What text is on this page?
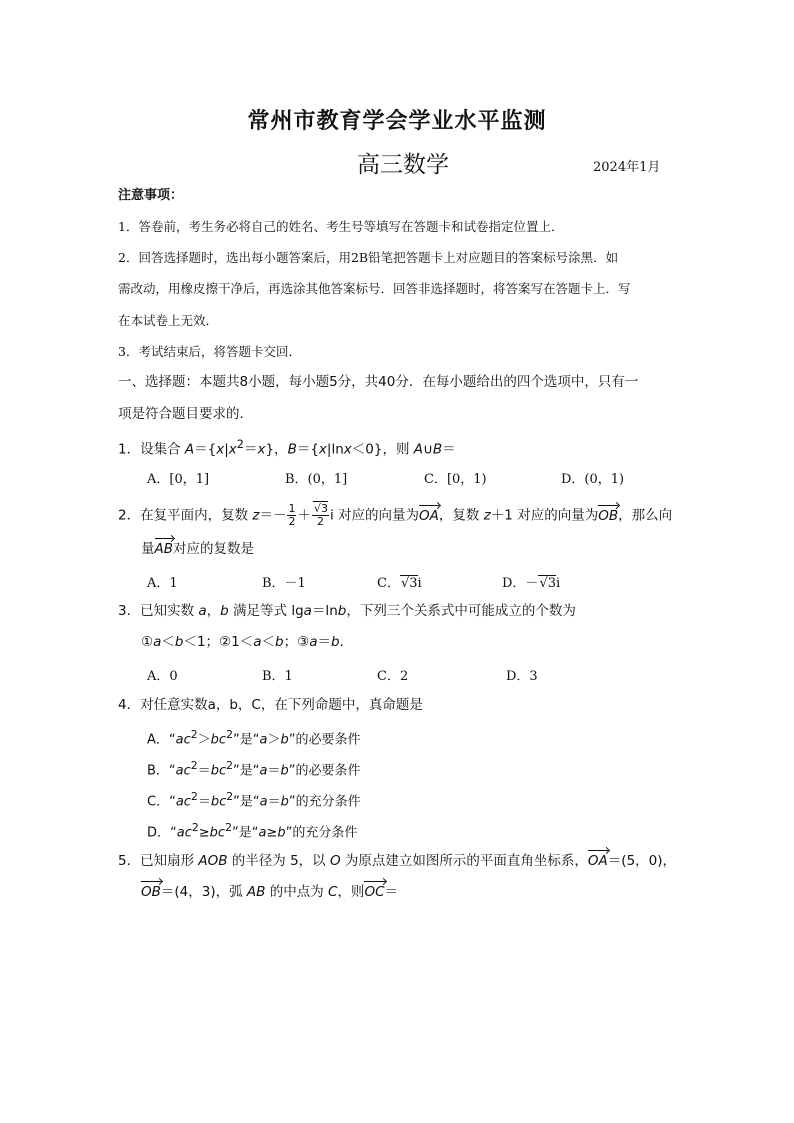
常州市教育学会学业水平监测
高三数学	2024年1月
注意事项：
1．答卷前，考生务必将自己的姓名、考生号等填写在答题卡和试卷指定位置上．
2．回答选择题时，选出每小题答案后，用2B铅笔把答题卡上对应题目的答案标号涂黑．如
需改动，用橡皮擦干净后，再选涂其他答案标号．回答非选择题时，将答案写在答题卡上．写
在本试卷上无效．
3．考试结束后，将答题卡交回．
一、选择题：本题共8小题，每小题5分，共40分．在每小题给出的四个选项中，只有一
项是符合题目要求的．
1．设集合 $A=\{x|x^2=x\}$，B＝{x|lnx＜0}，则 A∪B＝
A．[0，1]	B．(0，1]	C．[0，1)	D．(0，1)
2．在复平面内，复数 $z=- \frac{1}{2} + \frac{√3}{2}$ i 对应的向量为OA，复数 z＋1 对应的向量为OB，那么向
量AB对应的复数是
A．1	B．－1	C．√3i	D．－√3i
3．已知实数 a，b 满足等式 lga＝lnb，下列三个关系式中可能成立的个数为
①a＜b＜1；②1＜a＜b；③a＝b．
A．0	B．1	C．2	D．3
4．对任意实数a，b，C，在下列命题中，真命题是
A．“$ac^2>bc^2$”是“a＞b”的必要条件
B．“$ac^2=bc^2$”是“a＝b”的必要条件
C．“$ac^2=bc^2$”是“a＝b”的充分条件
D．“$ac^2\ge bc^2$”是“a≥b”的充分条件
5．已知扇形 AOB 的半径为 5，以 O 为原点建立如图所示的平面直角坐标系，OA＝(5，0)，
OB＝(4，3)，弧 AB 的中点为 C，则OC＝
